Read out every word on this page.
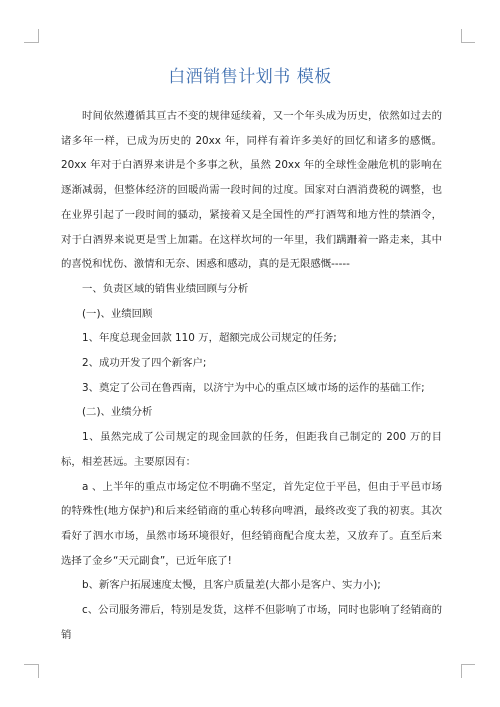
白酒销售计划书 模板

时间依然遵循其亘古不变的规律延续着，又一个年头成为历史，依然如过去的诸多年一样，已成为历史的 20xx 年，同样有着许多美好的回忆和诸多的感慨。20xx 年对于白酒界来讲是个多事之秋，虽然 20xx 年的全球性金融危机的影响在逐渐减弱，但整体经济的回暖尚需一段时间的过度。国家对白酒消费税的调整，也在业界引起了一段时间的骚动，紧接着又是全国性的严打酒驾和地方性的禁酒令，对于白酒界来说更是雪上加霜。在这样坎坷的一年里，我们蹒跚着一路走来，其中的喜悦和忧伤、激情和无奈、困惑和感动，真的是无限感慨-----

一、负责区域的销售业绩回顾与分析

(一)、业绩回顾

1、年度总现金回款 110 万，超额完成公司规定的任务;

2、成功开发了四个新客户;

3、奠定了公司在鲁西南，以济宁为中心的重点区域市场的运作的基础工作;

(二)、业绩分析

1、虽然完成了公司规定的现金回款的任务，但距我自己制定的 200 万的目标，相差甚远。主要原因有：

a 、上半年的重点市场定位不明确不坚定，首先定位于平邑，但由于平邑市场的特殊性(地方保护)和后来经销商的重心转移向啤酒，最终改变了我的初衷。其次看好了泗水市场，虽然市场环境很好，但经销商配合度太差，又放弃了。直至后来选择了金乡“天元副食”，已近年底了!

b、新客户拓展速度太慢，且客户质量差(大都小是客户、实力小);

c、公司服务滞后，特别是发货，这样不但影响了市场，同时也影响了经销商的销
